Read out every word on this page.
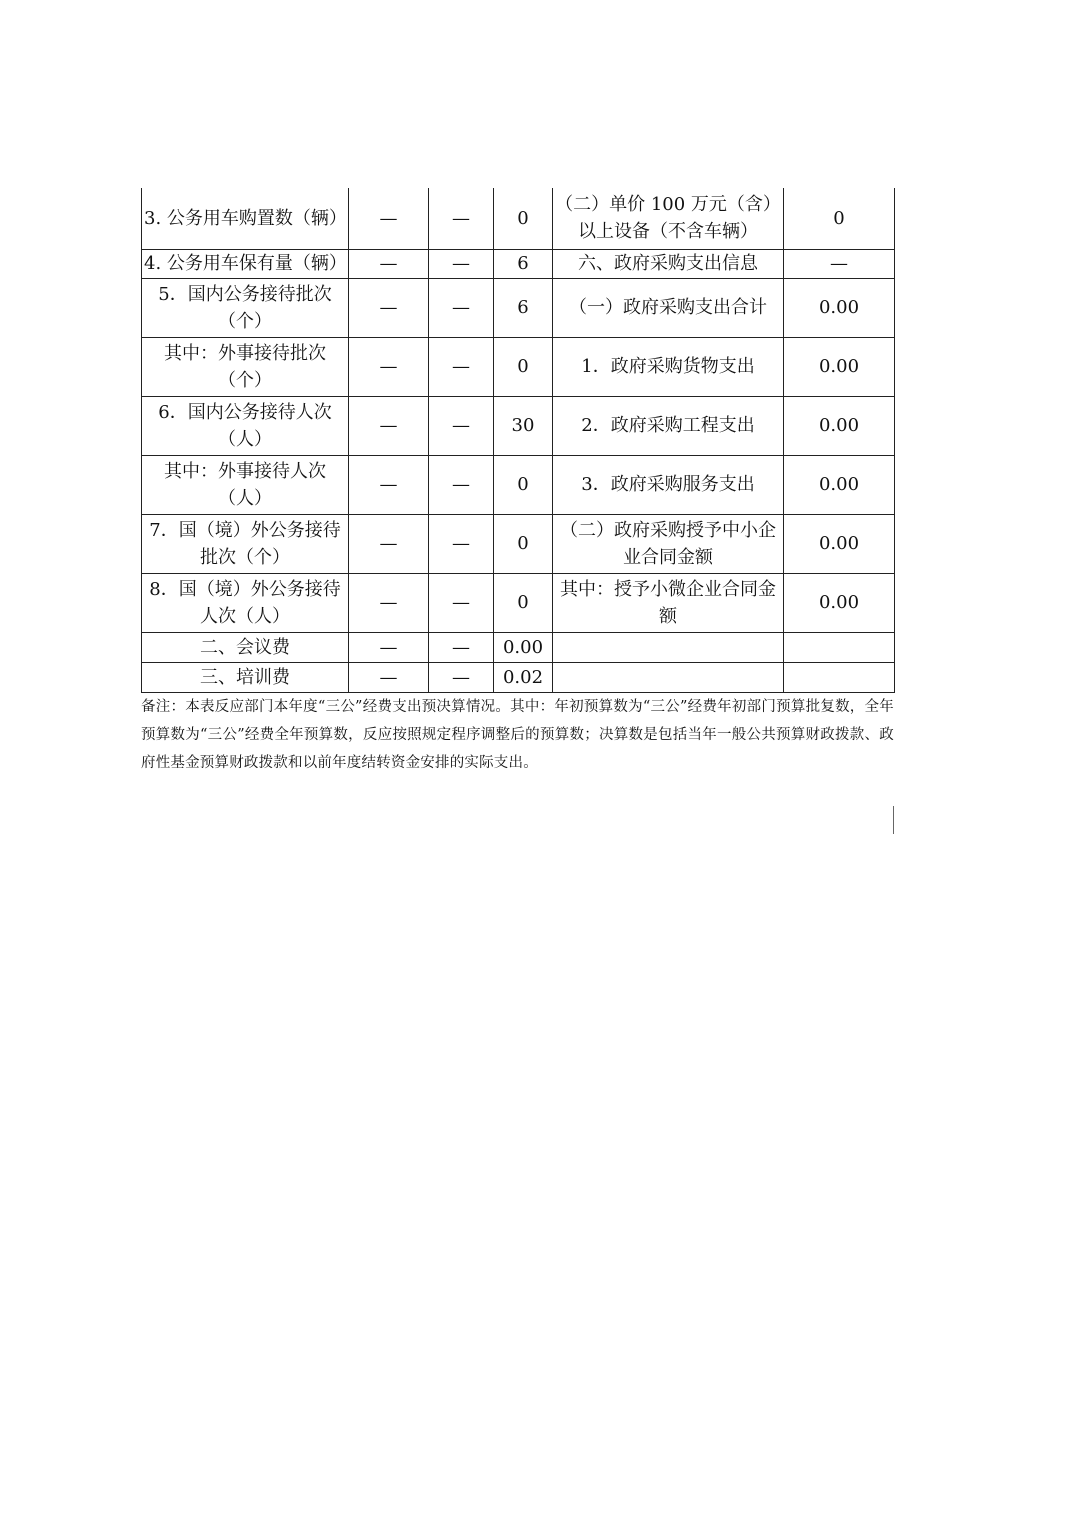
3. 公务用车购置数（辆）	—	—	0	（二）单价 100 万元（含）以上设备（不含车辆）	0
4. 公务用车保有量（辆）	—	—	6	六、政府采购支出信息	—
5．国内公务接待批次（个）	—	—	6	（一）政府采购支出合计	0.00
其中：外事接待批次（个）	—	—	0	1．政府采购货物支出	0.00
6．国内公务接待人次（人）	—	—	30	2．政府采购工程支出	0.00
其中：外事接待人次（人）	—	—	0	3．政府采购服务支出	0.00
7．国（境）外公务接待批次（个）	—	—	0	（二）政府采购授予中小企业合同金额	0.00
8．国（境）外公务接待人次（人）	—	—	0	其中：授予小微企业合同金额	0.00
二、会议费	—	—	0.00		
三、培训费	—	—	0.02		
备注：本表反应部门本年度“三公”经费支出预决算情况。其中：年初预算数为“三公”经费年初部门预算批复数，全年预算数为“三公”经费全年预算数，反应按照规定程序调整后的预算数；决算数是包括当年一般公共预算财政拨款、政府性基金预算财政拨款和以前年度结转资金安排的实际支出。
